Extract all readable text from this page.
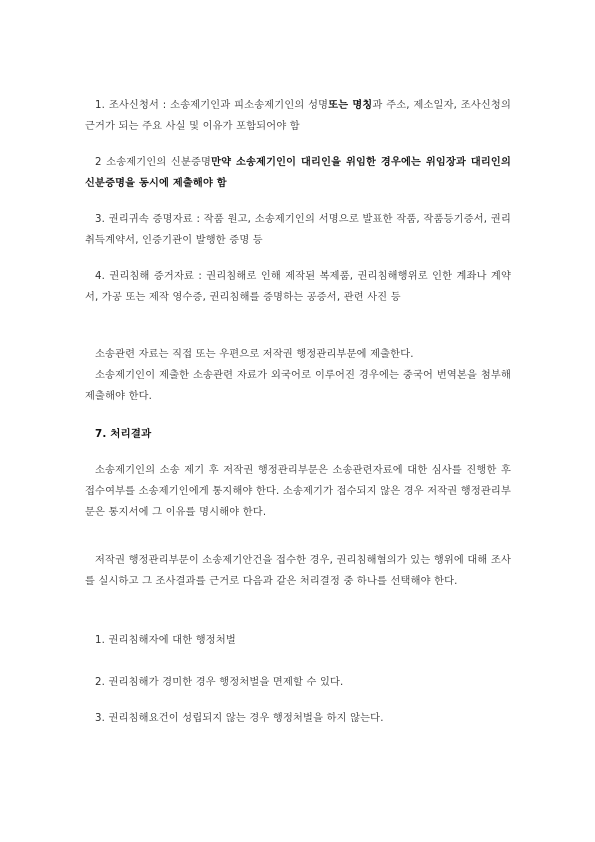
1. 조사신청서 : 소송제기인과 피소송제기인의 성명또는 명칭과 주소, 제소일자, 조사신청의 근거가 되는 주요 사실 및 이유가 포함되어야 함

2 소송제기인의 신분증명만약 소송제기인이 대리인을 위임한 경우에는 위임장과 대리인의 신분증명을 동시에 제출해야 함

3. 권리귀속 증명자료 : 작품 원고, 소송제기인의 서명으로 발표한 작품, 작품등기증서, 권리취득계약서, 인증기관이 발행한 증명 등

4. 권리침해 증거자료 : 권리침해로 인해 제작된 복제품, 권리침해행위로 인한 계좌나 계약서, 가공 또는 제작 영수증, 권리침해를 증명하는 공증서, 관련 사진 등

소송관련 자료는 직접 또는 우편으로 저작권 행정관리부문에 제출한다.

소송제기인이 제출한 소송관련 자료가 외국어로 이루어진 경우에는 중국어 번역본을 첨부해 제출해야 한다.

7. 처리결과

소송제기인의 소송 제기 후 저작권 행정관리부문은 소송관련자료에 대한 심사를 진행한 후 접수여부를 소송제기인에게 통지해야 한다. 소송제기가 접수되지 않은 경우 저작권 행정관리부문은 통지서에 그 이유를 명시해야 한다.

저작권 행정관리부문이 소송제기안건을 접수한 경우, 권리침해혐의가 있는 행위에 대해 조사를 실시하고 그 조사결과를 근거로 다음과 같은 처리결정 중 하나를 선택해야 한다.

1. 권리침해자에 대한 행정처벌

2. 권리침해가 경미한 경우 행정처벌을 면제할 수 있다.

3. 권리침해요건이 성립되지 않는 경우 행정처벌을 하지 않는다.
